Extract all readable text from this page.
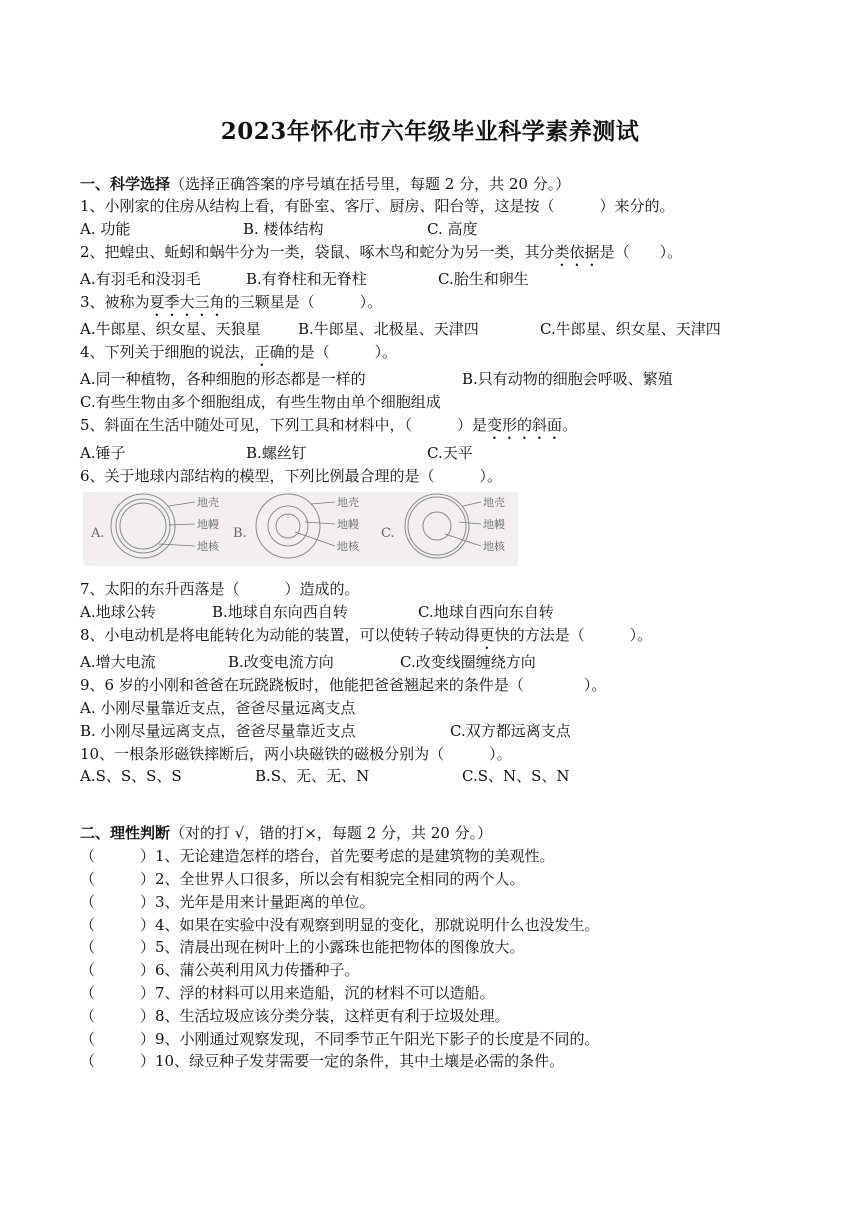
2023年怀化市六年级毕业科学素养测试
一、科学选择（选择正确答案的序号填在括号里，每题 2 分，共 20 分。）
1、小刚家的住房从结构上看，有卧室、客厅、厨房、阳台等，这是按（　　　）来分的。
A. 功能	B. 楼体结构	C. 高度
2、把蝗虫、蚯蚓和蜗牛分为一类，袋鼠、啄木鸟和蛇分为另一类，其分类依据是（　　）。
A.有羽毛和没羽毛	B.有脊柱和无脊柱	C.胎生和卵生
3、被称为夏季大三角的三颗星是（　　　）。
A.牛郎星、织女星、天狼星 B.牛郎星、北极星、天津四	C.牛郎星、织女星、天津四
4、下列关于细胞的说法，正确的是（　　　）。
A.同一种植物，各种细胞的形态都是一样的	B.只有动物的细胞会呼吸、繁殖
C.有些生物由多个细胞组成，有些生物由单个细胞组成
5、斜面在生活中随处可见，下列工具和材料中，（　　　）是变形的斜面。
A.锤子	B.螺丝钉	C.天平
6、关于地球内部结构的模型，下列比例最合理的是（　　　）。
A.
地壳
地幔
地核
B.
地壳
地幔
地核
C.
地壳
地幔
地核
7、太阳的东升西落是（　　　）造成的。
A.地球公转	B.地球自东向西自转	C.地球自西向东自转
8、小电动机是将电能转化为动能的装置，可以使转子转动得更快的方法是（　　　）。
A.增大电流	B.改变电流方向	C.改变线圈缠绕方向
9、6 岁的小刚和爸爸在玩跷跷板时，他能把爸爸翘起来的条件是（　　　　）。
A. 小刚尽量靠近支点，爸爸尽量远离支点
B. 小刚尽量远离支点，爸爸尽量靠近支点	C.双方都远离支点
10、一根条形磁铁摔断后，两小块磁铁的磁极分别为（　　　）。
A.S、S、S、S	B.S、无、无、N	C.S、N、S、N
二、理性判断（对的打 √，错的打×，每题 2 分，共 20 分。）
（　　　）1、无论建造怎样的塔台，首先要考虑的是建筑物的美观性。
（　　　）2、全世界人口很多，所以会有相貌完全相同的两个人。
（　　　）3、光年是用来计量距离的单位。
（　　　）4、如果在实验中没有观察到明显的变化，那就说明什么也没发生。
（　　　）5、清晨出现在树叶上的小露珠也能把物体的图像放大。
（　　　）6、蒲公英利用风力传播种子。
（　　　）7、浮的材料可以用来造船，沉的材料不可以造船。
（　　　）8、生活垃圾应该分类分装，这样更有利于垃圾处理。
（　　　）9、小刚通过观察发现，不同季节正午阳光下影子的长度是不同的。
（　　　）10、绿豆种子发芽需要一定的条件，其中土壤是必需的条件。
